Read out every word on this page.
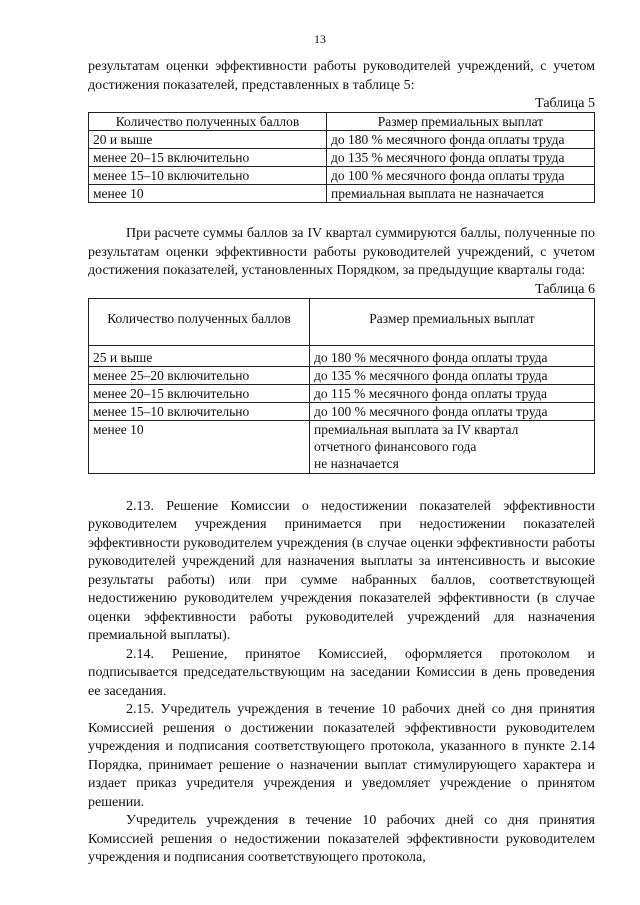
13

результатам оценки эффективности работы руководителей учреждений, с учетом достижения показателей, представленных в таблице 5:

Таблица 5

Количество полученных баллов	Размер премиальных выплат
20 и выше	до 180 % месячного фонда оплаты труда
менее 20–15 включительно	до 135 % месячного фонда оплаты труда
менее 15–10 включительно	до 100 % месячного фонда оплаты труда
менее 10	премиальная выплата не назначается

При расчете суммы баллов за IV квартал суммируются баллы, полученные по результатам оценки эффективности работы руководителей учреждений, с учетом достижения показателей, установленных Порядком, за предыдущие кварталы года:

Таблица 6

Количество полученных баллов	Размер премиальных выплат
25 и выше	до 180 % месячного фонда оплаты труда
менее 25–20 включительно	до 135 % месячного фонда оплаты труда
менее 20–15 включительно	до 115 % месячного фонда оплаты труда
менее 15–10 включительно	до 100 % месячного фонда оплаты труда
менее 10	премиальная выплата за IV квартал
отчетного финансового года
не назначается

2.13. Решение Комиссии о недостижении показателей эффективности руководителем учреждения принимается при недостижении показателей эффективности руководителем учреждения (в случае оценки эффективности работы руководителей учреждений для назначения выплаты за интенсивность и высокие результаты работы) или при сумме набранных баллов, соответствующей недостижению руководителем учреждения показателей эффективности (в случае оценки эффективности работы руководителей учреждений для назначения премиальной выплаты).

2.14. Решение, принятое Комиссией, оформляется протоколом и подписывается председательствующим на заседании Комиссии в день проведения ее заседания.

2.15. Учредитель учреждения в течение 10 рабочих дней со дня принятия Комиссией решения о достижении показателей эффективности руководителем учреждения и подписания соответствующего протокола, указанного в пункте 2.14 Порядка, принимает решение о назначении выплат стимулирующего характера и издает приказ учредителя учреждения и уведомляет учреждение о принятом решении.

Учредитель учреждения в течение 10 рабочих дней со дня принятия Комиссией решения о недостижении показателей эффективности руководителем учреждения и подписания соответствующего протокола,
